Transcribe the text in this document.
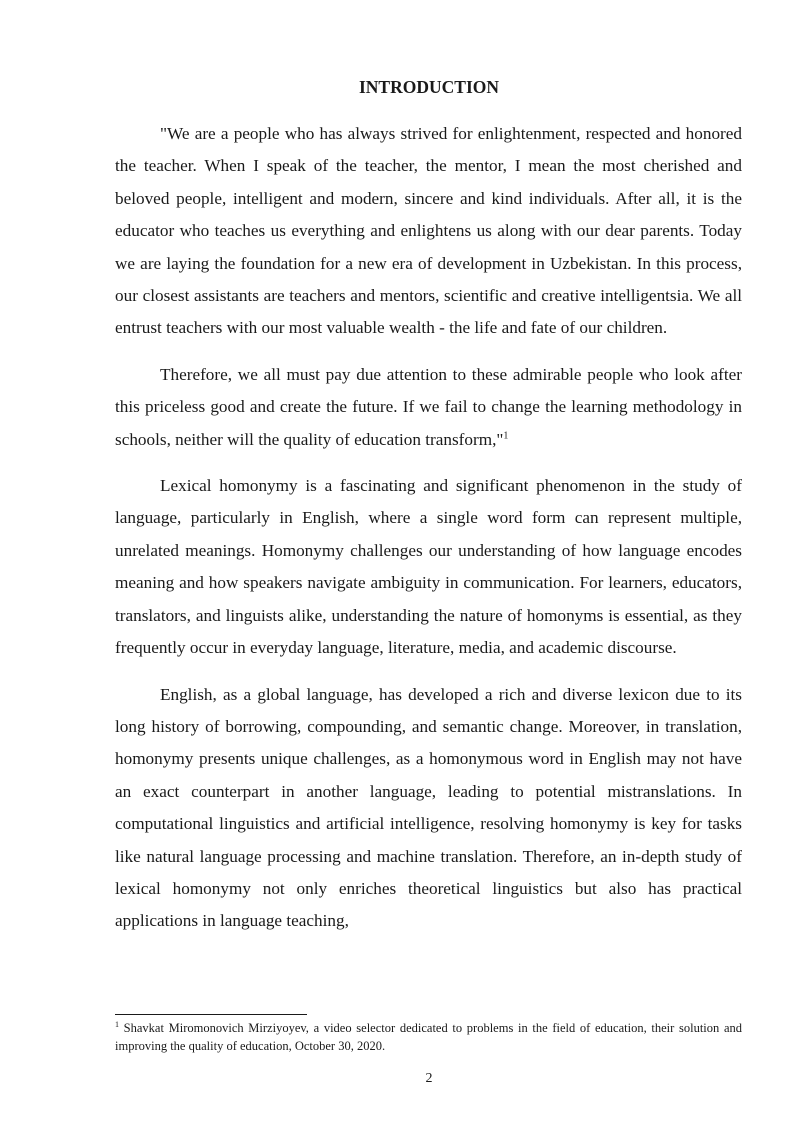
INTRODUCTION

"We are a people who has always strived for enlightenment, respected and honored the teacher. When I speak of the teacher, the mentor, I mean the most cherished and beloved people, intelligent and modern, sincere and kind individuals. After all, it is the educator who teaches us everything and enlightens us along with our dear parents. Today we are laying the foundation for a new era of development in Uzbekistan. In this process, our closest assistants are teachers and mentors, scientific and creative intelligentsia. We all entrust teachers with our most valuable wealth - the life and fate of our children.

Therefore, we all must pay due attention to these admirable people who look after this priceless good and create the future. If we fail to change the learning methodology in schools, neither will the quality of education transform,"$^1$

Lexical homonymy is a fascinating and significant phenomenon in the study of language, particularly in English, where a single word form can represent multiple, unrelated meanings. Homonymy challenges our understanding of how language encodes meaning and how speakers navigate ambiguity in communication. For learners, educators, translators, and linguists alike, understanding the nature of homonyms is essential, as they frequently occur in everyday language, literature, media, and academic discourse.

English, as a global language, has developed a rich and diverse lexicon due to its long history of borrowing, compounding, and semantic change. Moreover, in translation, homonymy presents unique challenges, as a homonymous word in English may not have an exact counterpart in another language, leading to potential mistranslations. In computational linguistics and artificial intelligence, resolving homonymy is key for tasks like natural language processing and machine translation. Therefore, an in-depth study of lexical homonymy not only enriches theoretical linguistics but also has practical applications in language teaching,

$^1$ Shavkat Miromonovich Mirziyoyev, a video selector dedicated to problems in the field of education, their solution and improving the quality of education, October 30, 2020.
2
